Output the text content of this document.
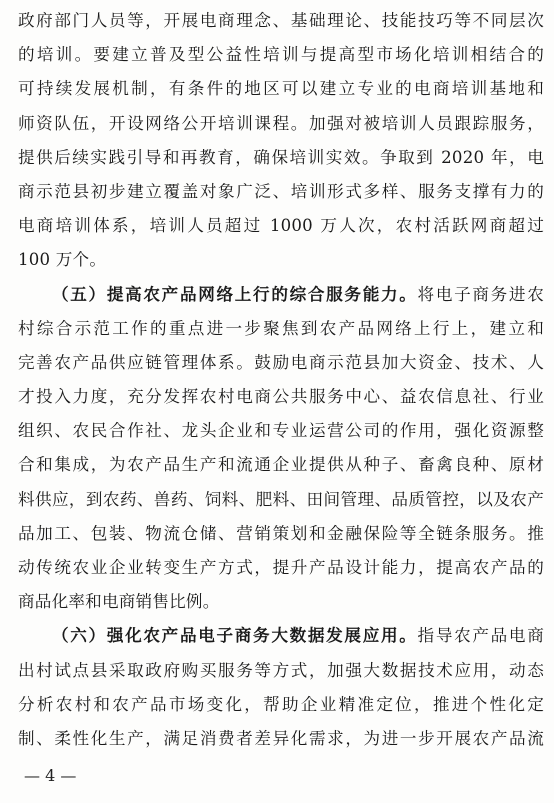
政府部门人员等，开展电商理念、基础理论、技能技巧等不同层次
的培训。要建立普及型公益性培训与提高型市场化培训相结合的
可持续发展机制，有条件的地区可以建立专业的电商培训基地和
师资队伍，开设网络公开培训课程。加强对被培训人员跟踪服务，
提供后续实践引导和再教育，确保培训实效。争取到 2020 年，电
商示范县初步建立覆盖对象广泛、培训形式多样、服务支撑有力的
电商培训体系，培训人员超过 1000 万人次，农村活跃网商超过
100 万个。
（五）提高农产品网络上行的综合服务能力。将电子商务进农
村综合示范工作的重点进一步聚焦到农产品网络上行上，建立和
完善农产品供应链管理体系。鼓励电商示范县加大资金、技术、人
才投入力度，充分发挥农村电商公共服务中心、益农信息社、行业
组织、农民合作社、龙头企业和专业运营公司的作用，强化资源整
合和集成，为农产品生产和流通企业提供从种子、畜禽良种、原材
料供应，到农药、兽药、饲料、肥料、田间管理、品质管控，以及农产
品加工、包装、物流仓储、营销策划和金融保险等全链条服务。推
动传统农业企业转变生产方式，提升产品设计能力，提高农产品的
商品化率和电商销售比例。
（六）强化农产品电子商务大数据发展应用。指导农产品电商
出村试点县采取政府购买服务等方式，加强大数据技术应用，动态
分析农村和农产品市场变化，帮助企业精准定位，推进个性化定
制、柔性化生产，满足消费者差异化需求，为进一步开展农产品流
— 4 —
